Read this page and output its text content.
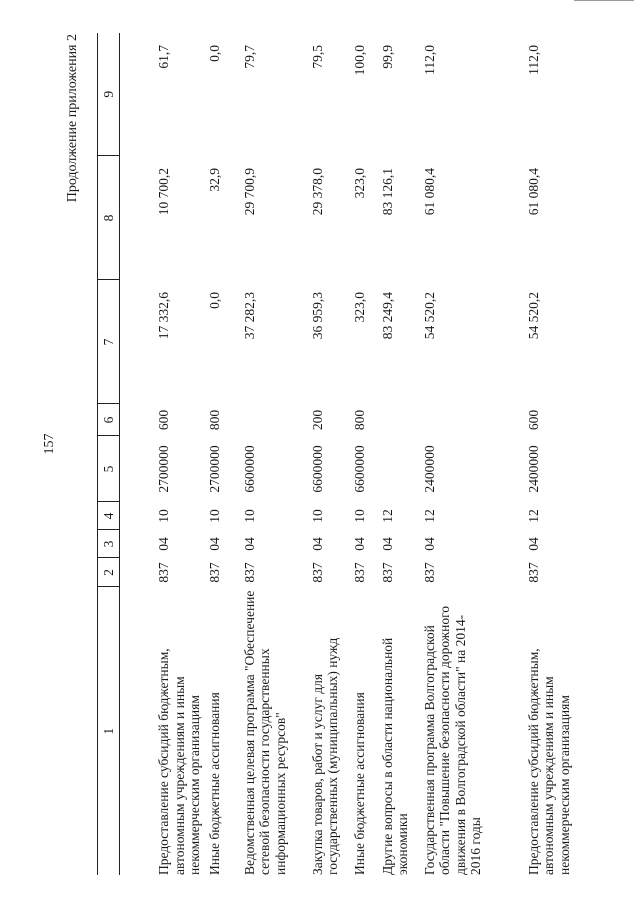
157
Продолжение приложения 2
1	2	3	4	5	6	7	8	9

Предоставление субсидий бюджетным, автономным учреждениям и иным некоммерческим организациям	837	04	10	2700000	600	17 332,6	10 700,2	61,7
Иные бюджетные ассигнования	837	04	10	2700000	800	0,0	32,9	0,0
Ведомственная целевая программа "Обеспечение сетевой безопасности государственных информационных ресурсов"	837	04	10	6600000		37 282,3	29 700,9	79,7
Закупка товаров, работ и услуг для государственных (муниципальных) нужд	837	04	10	6600000	200	36 959,3	29 378,0	79,5
Иные бюджетные ассигнования	837	04	10	6600000	800	323,0	323,0	100,0
Другие вопросы в области национальной экономики	837	04	12			83 249,4	83 126,1	99,9
Государственная программа Волгоградской области "Повышение безопасности дорожного движения в Волгоградской области" на 2014-2016 годы	837	04	12	2400000		54 520,2	61 080,4	112,0
Предоставление субсидий бюджетным, автономным учреждениям и иным некоммерческим организациям	837	04	12	2400000	600	54 520,2	61 080,4	112,0
